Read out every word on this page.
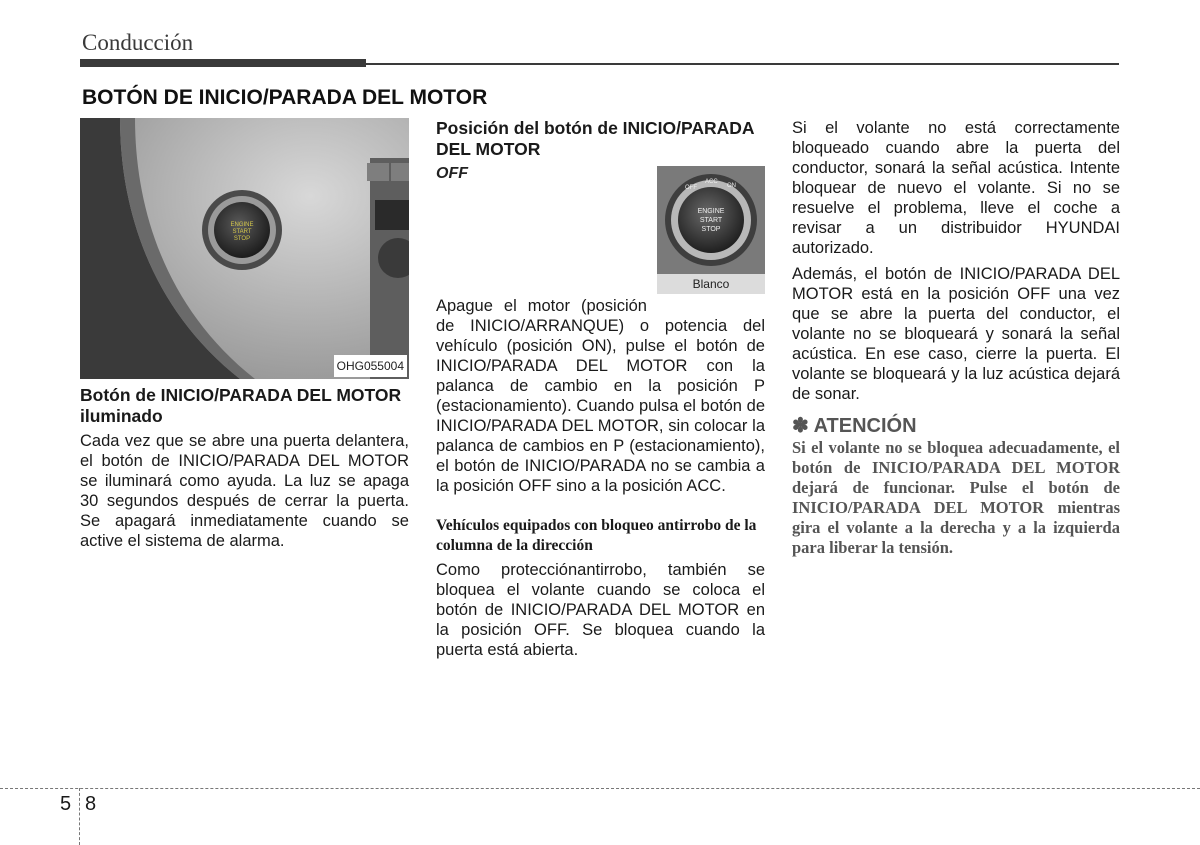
Conducción
BOTÓN DE INICIO/PARADA DEL MOTOR
ENGINE
START
STOP
OHG055004
Botón de INICIO/PARADA DEL MOTOR iluminado
Cada vez que se abre una puerta delantera, el botón de INICIO/PARADA DEL MOTOR se iluminará como ayuda. La luz se apaga 30 segundos después de cerrar la puerta. Se apagará inmediatamente cuando se active el sistema de alarma.
Posición del botón de INICIO/PARADA DEL MOTOR
OFF
ENGINE
START
STOP
OFF
ACC
ON
Blanco
Apague el motor (posición de INICIO/ARRANQUE) o potencia del vehículo (posición ON), pulse el botón de INICIO/PARADA DEL MOTOR con la palanca de cambio en la posición P (estacionamiento). Cuando pulsa el botón de INICIO/PARADA DEL MOTOR, sin colocar la palanca de cambios en P (estacionamiento), el botón de INICIO/PARADA no se cambia a la posición OFF sino a la posición ACC.
Vehículos equipados con bloqueo antirrobo de la columna de la dirección
Como protecciónantirrobo, también se bloquea el volante cuando se coloca el botón de INICIO/PARADA DEL MOTOR en la posición OFF. Se bloquea cuando la puerta está abierta.
Si el volante no está correctamente bloqueado cuando abre la puerta del conductor, sonará la señal acústica. Intente bloquear de nuevo el volante. Si no se resuelve el problema, lleve el coche a revisar a un distribuidor HYUNDAI autorizado.
Además, el botón de INICIO/PARADA DEL MOTOR está en la posición OFF una vez que se abre la puerta del conductor, el volante no se bloqueará y sonará la señal acústica. En ese caso, cierre la puerta. El volante se bloqueará y la luz acústica dejará de sonar.
✽ ATENCIÓN
Si el volante no se bloquea adecuadamente, el botón de INICIO/PARADA DEL MOTOR dejará de funcionar. Pulse el botón de INICIO/PARADA DEL MOTOR mientras gira el volante a la derecha y a la izquierda para liberar la tensión.
5 8
